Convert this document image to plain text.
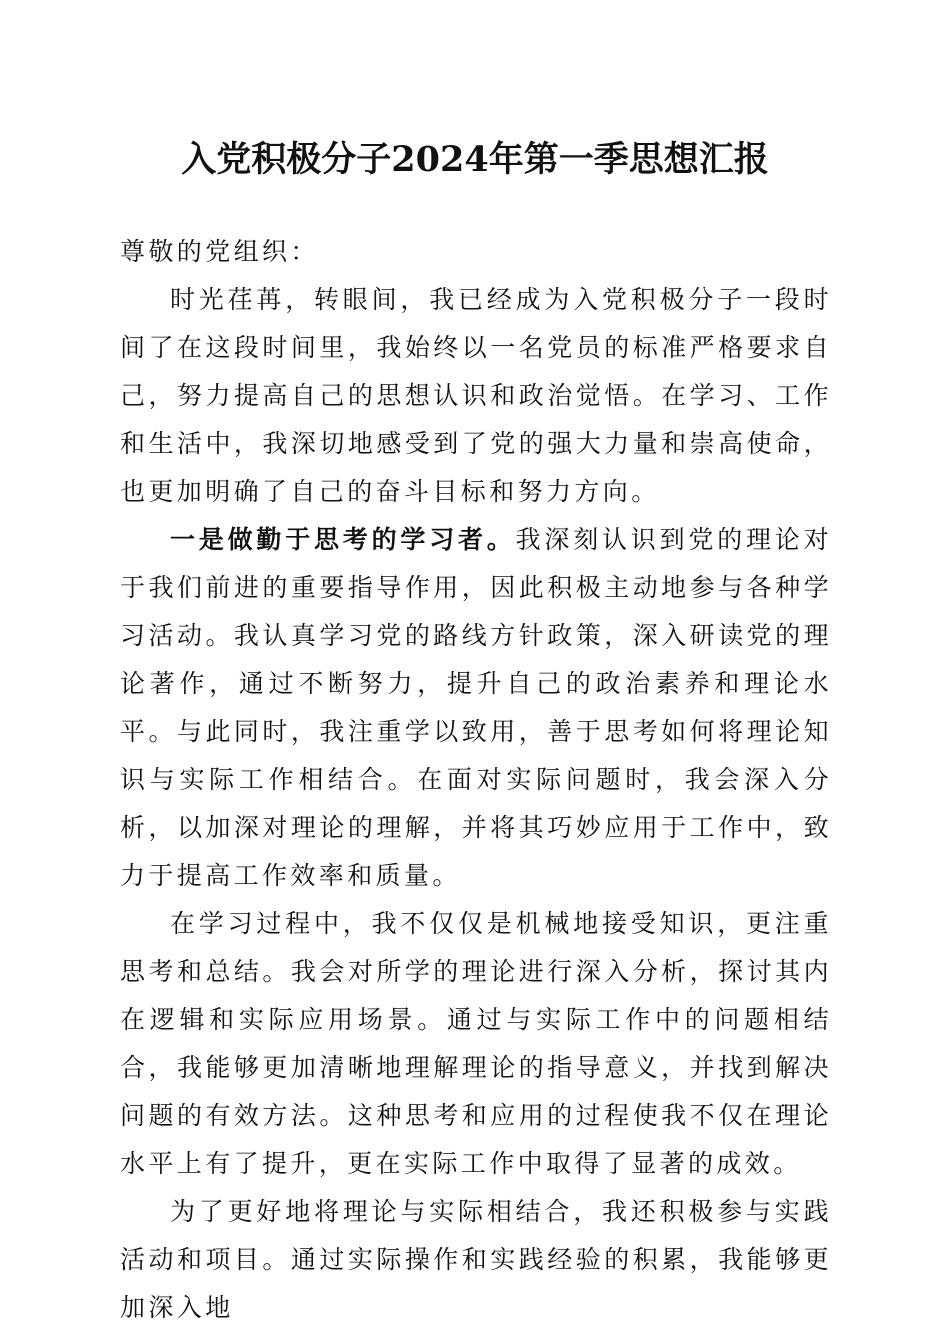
入党积极分子2024年第一季思想汇报

尊敬的党组织：

时光荏苒，转眼间，我已经成为入党积极分子一段时间了在这段时间里，我始终以一名党员的标准严格要求自己，努力提高自己的思想认识和政治觉悟。在学习、工作和生活中，我深切地感受到了党的强大力量和崇高使命，也更加明确了自己的奋斗目标和努力方向。

一是做勤于思考的学习者。我深刻认识到党的理论对于我们前进的重要指导作用，因此积极主动地参与各种学习活动。我认真学习党的路线方针政策，深入研读党的理论著作，通过不断努力，提升自己的政治素养和理论水平。与此同时，我注重学以致用，善于思考如何将理论知识与实际工作相结合。在面对实际问题时，我会深入分析，以加深对理论的理解，并将其巧妙应用于工作中，致力于提高工作效率和质量。

在学习过程中，我不仅仅是机械地接受知识，更注重思考和总结。我会对所学的理论进行深入分析，探讨其内在逻辑和实际应用场景。通过与实际工作中的问题相结合，我能够更加清晰地理解理论的指导意义，并找到解决问题的有效方法。这种思考和应用的过程使我不仅在理论水平上有了提升，更在实际工作中取得了显著的成效。

为了更好地将理论与实际相结合，我还积极参与实践活动和项目。通过实际操作和实践经验的积累，我能够更加深入地
